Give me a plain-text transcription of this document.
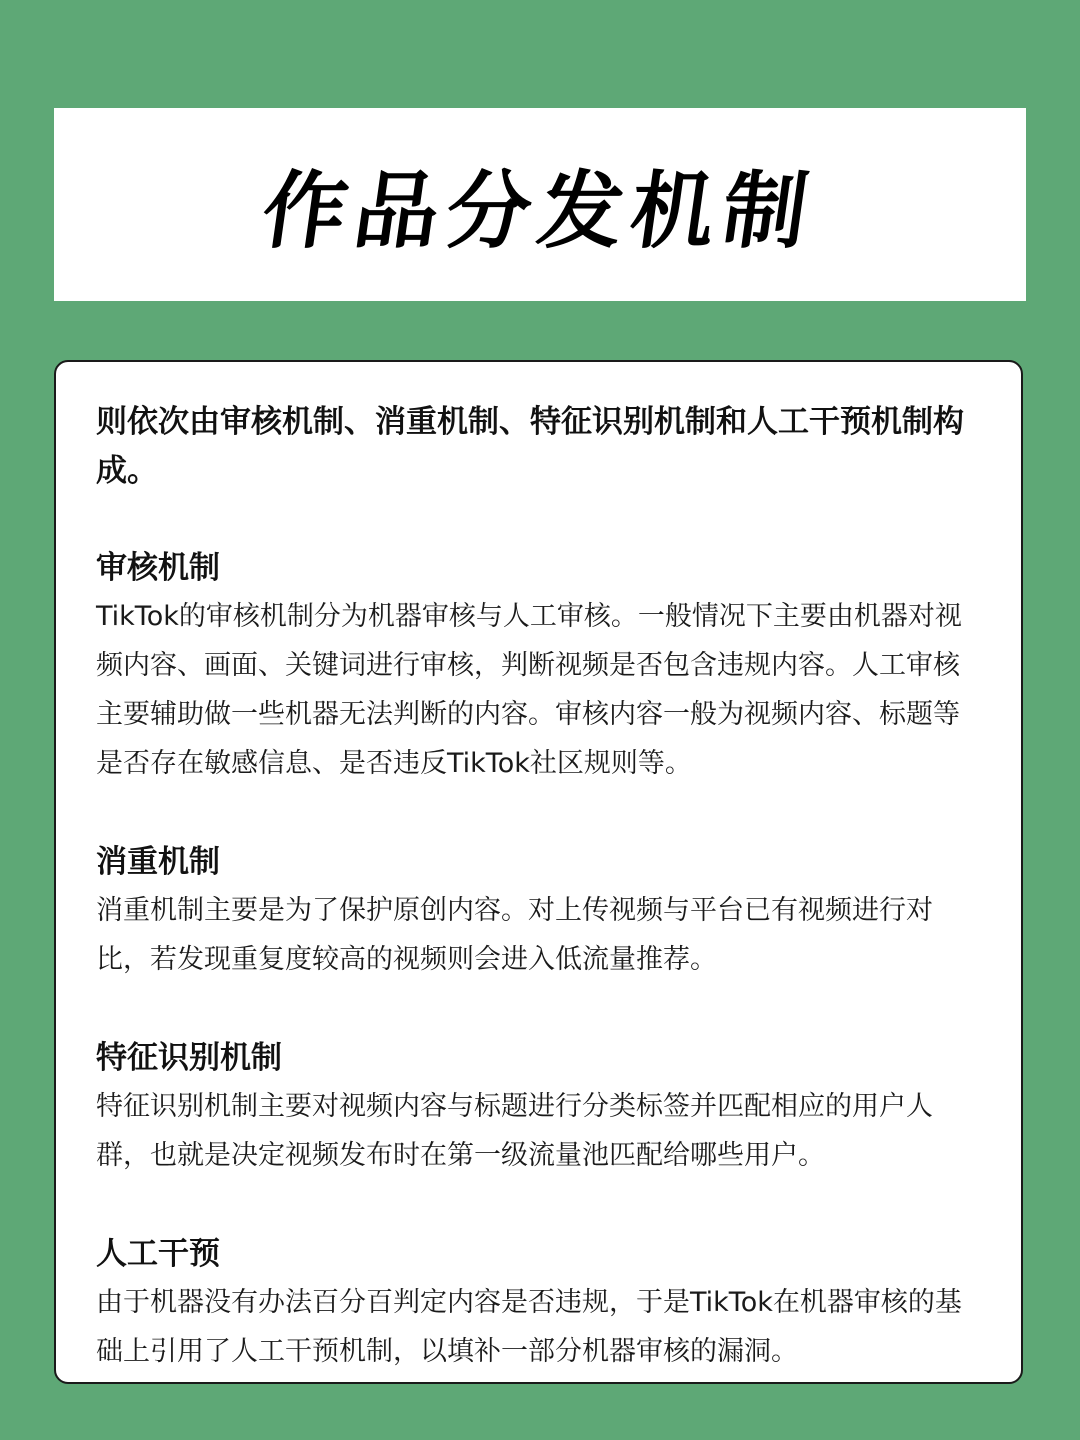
作品分发机制

则依次由审核机制、消重机制、特征识别机制和人工干预机制构成。

审核机制

TikTok的审核机制分为机器审核与人工审核。一般情况下主要由机器对视频内容、画面、关键词进行审核，判断视频是否包含违规内容。人工审核主要辅助做一些机器无法判断的内容。审核内容一般为视频内容、标题等是否存在敏感信息、是否违反TikTok社区规则等。

消重机制

消重机制主要是为了保护原创内容。对上传视频与平台已有视频进行对比，若发现重复度较高的视频则会进入低流量推荐。

特征识别机制

特征识别机制主要对视频内容与标题进行分类标签并匹配相应的用户人群，也就是决定视频发布时在第一级流量池匹配给哪些用户。

人工干预

由于机器没有办法百分百判定内容是否违规，于是TikTok在机器审核的基础上引用了人工干预机制，以填补一部分机器审核的漏洞。
